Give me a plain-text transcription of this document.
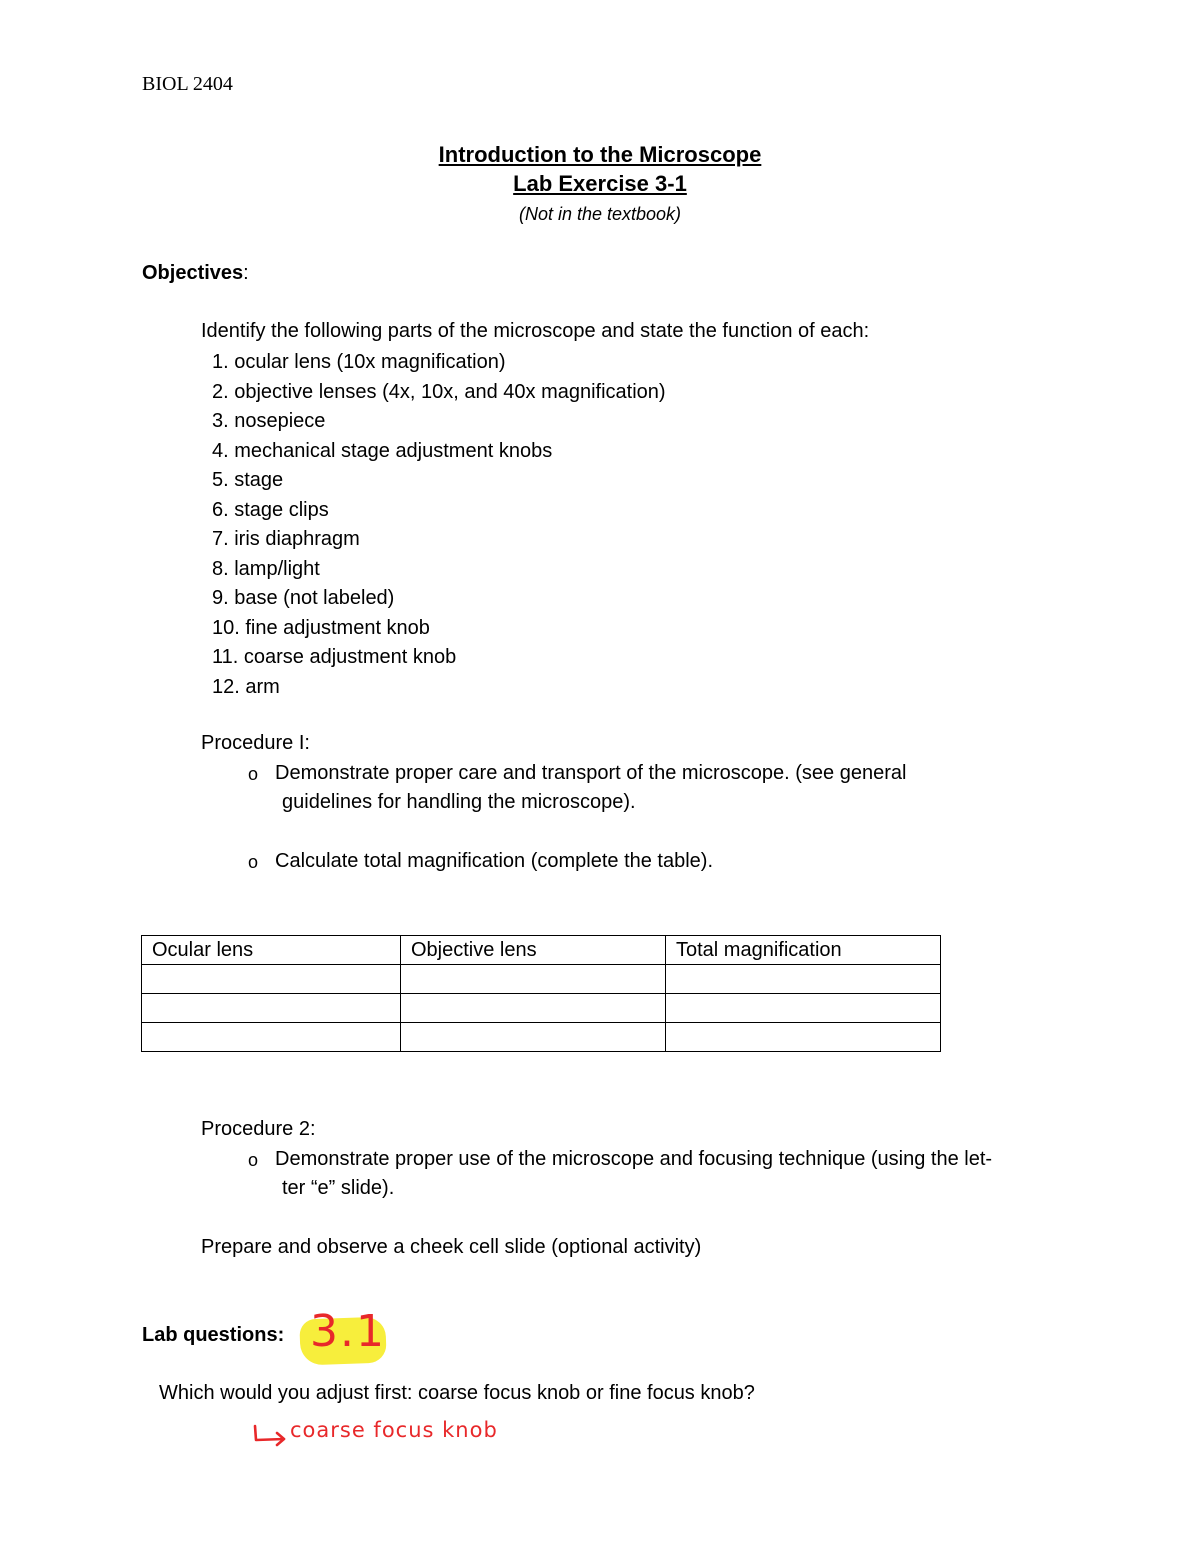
BIOL 2404
Introduction to the Microscope
Lab Exercise 3-1
(Not in the textbook)
Objectives:
Identify the following parts of the microscope and state the function of each:
1. ocular lens (10x magnification)
2. objective lenses (4x, 10x, and 40x magnification)
3. nosepiece
4. mechanical stage adjustment knobs
5. stage
6. stage clips
7. iris diaphragm
8. lamp/light
9. base (not labeled)
10. fine adjustment knob
11. coarse adjustment knob
12. arm
Procedure I:
o Demonstrate proper care and transport of the microscope. (see general
guidelines for handling the microscope).
o Calculate total magnification (complete the table).
Ocular lens	Objective lens	Total magnification

Procedure 2:
o Demonstrate proper use of the microscope and focusing technique (using the let-
ter “e” slide).
Prepare and observe a cheek cell slide (optional activity)
Lab questions: 3.1
Which would you adjust first: coarse focus knob or fine focus knob?
coarse focus knob
